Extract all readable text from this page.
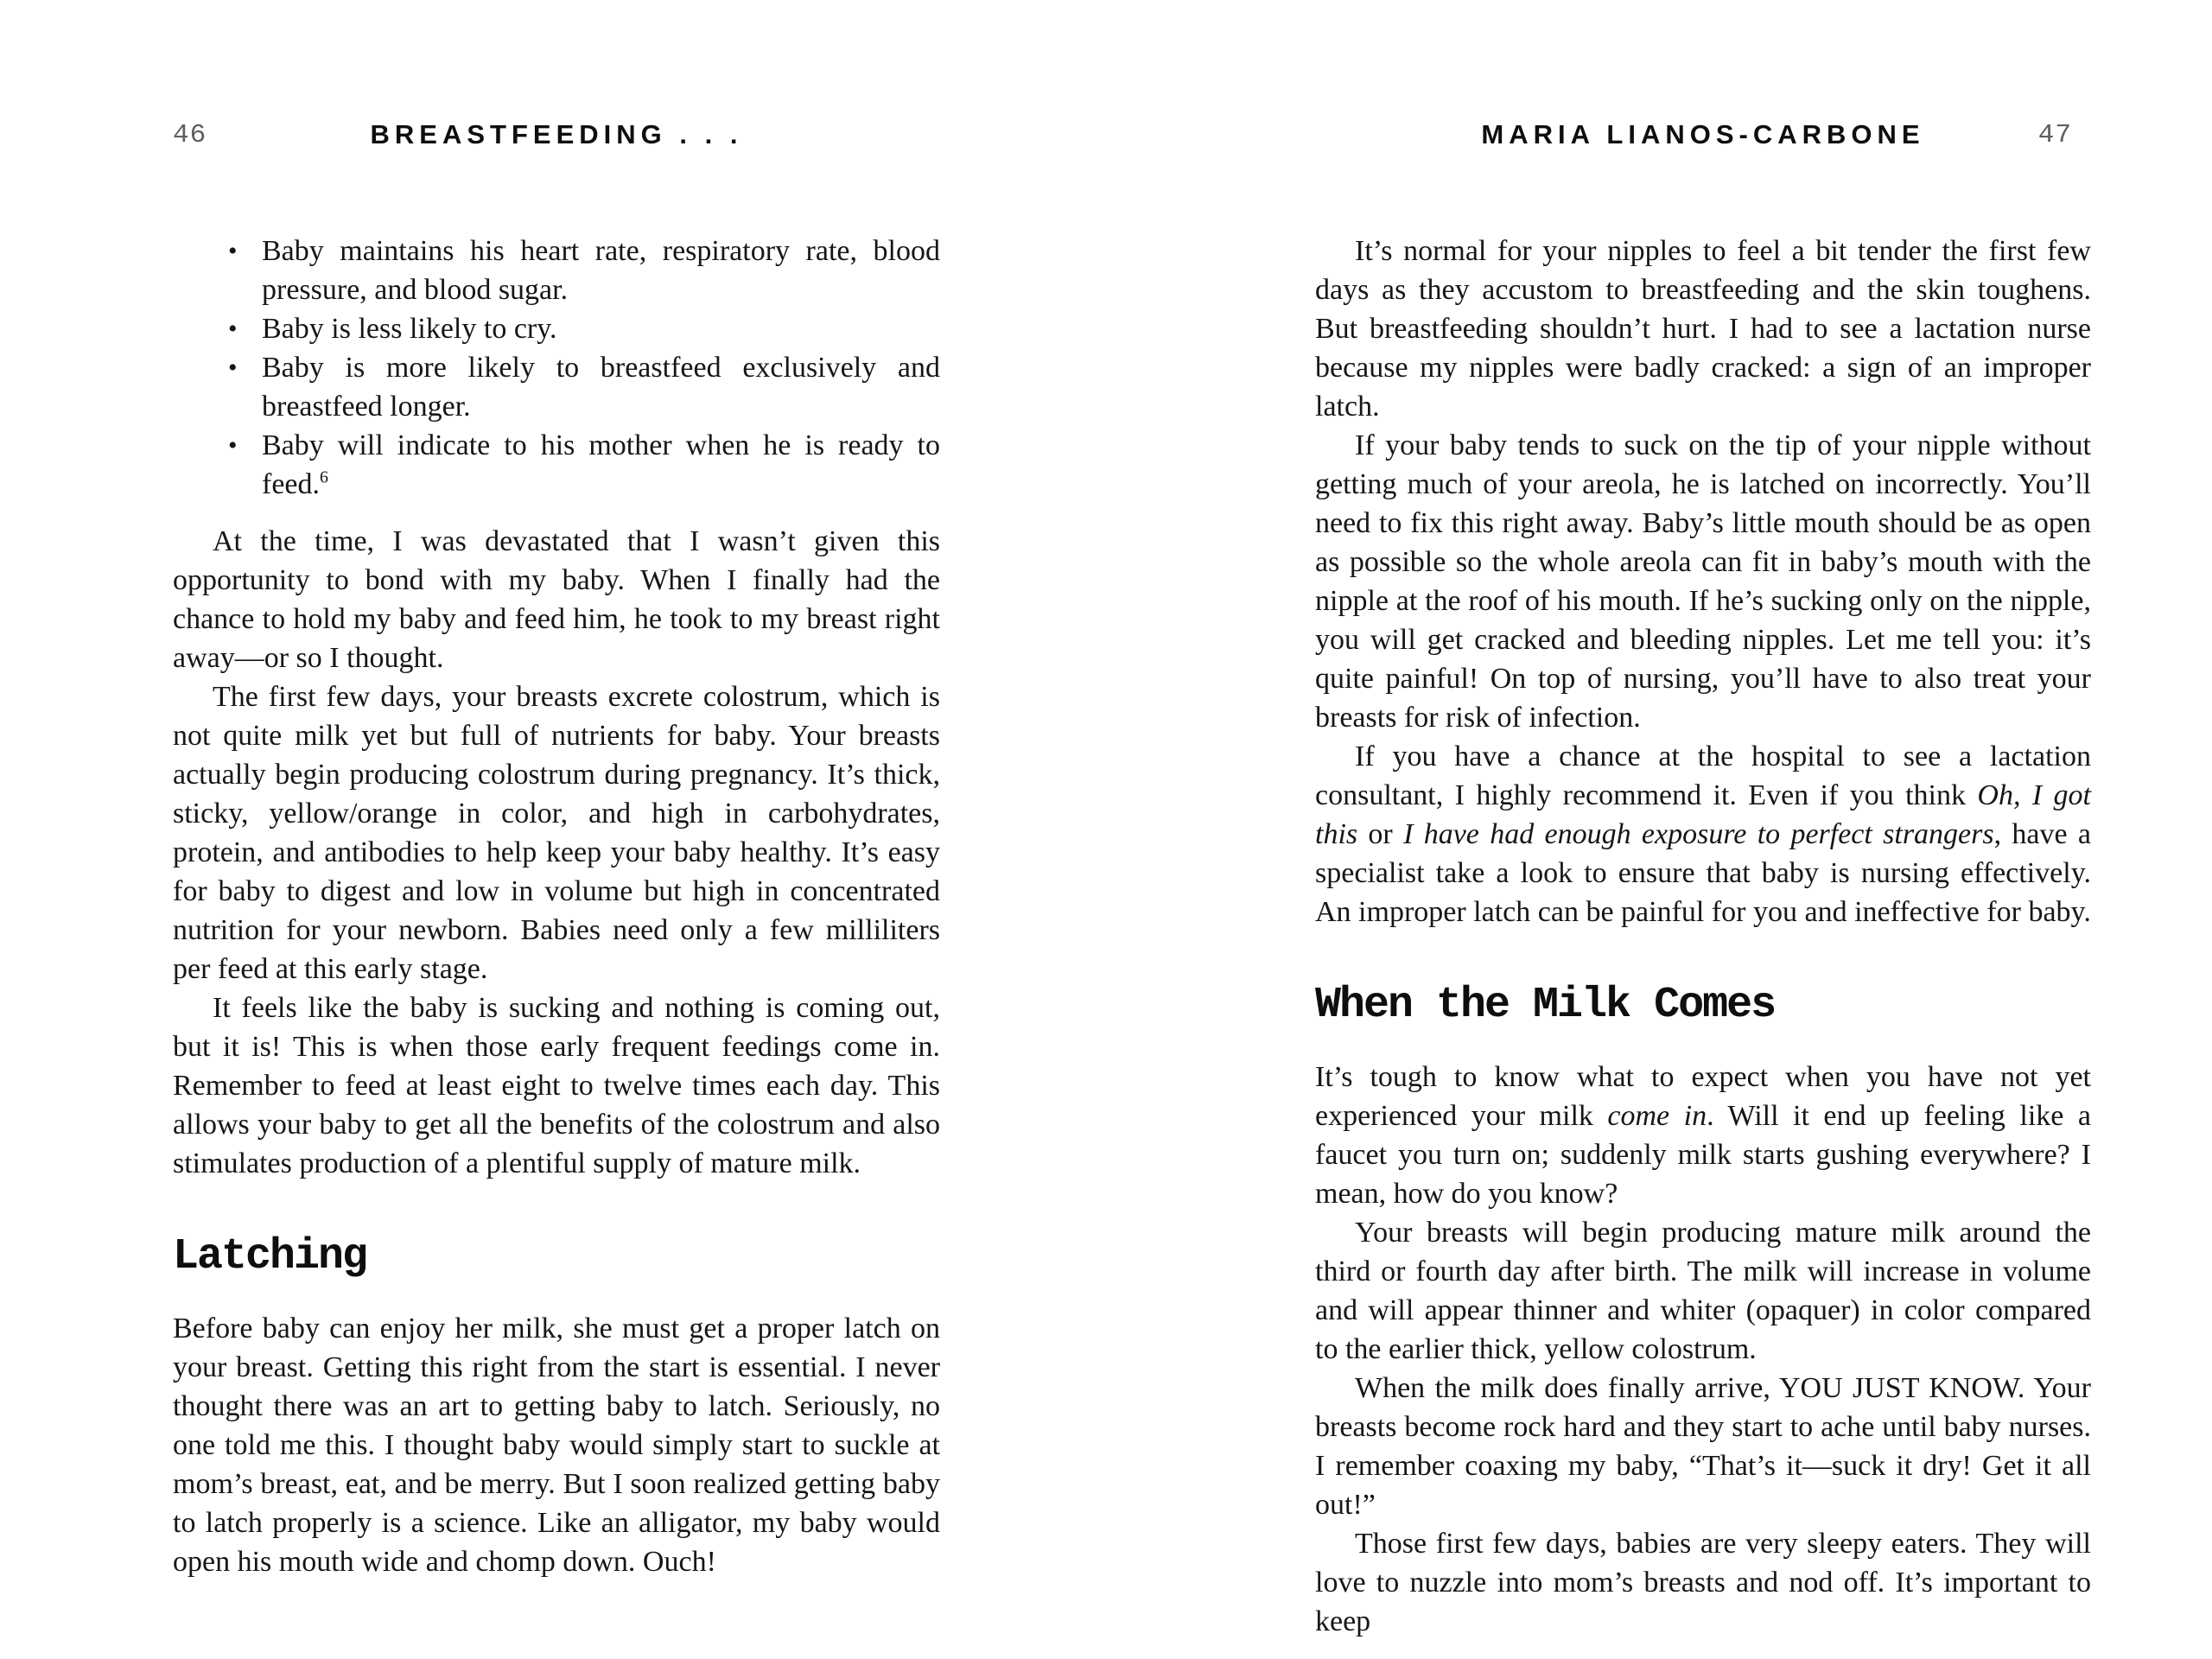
46	BREASTFEEDING . . .
• Baby maintains his heart rate, respiratory rate, blood pressure, and blood sugar.
• Baby is less likely to cry.
• Baby is more likely to breastfeed exclusively and breastfeed longer.
• Baby will indicate to his mother when he is ready to feed.$^6$

At the time, I was devastated that I wasn’t given this opportunity to bond with my baby. When I finally had the chance to hold my baby and feed him, he took to my breast right away—or so I thought.

The first few days, your breasts excrete colostrum, which is not quite milk yet but full of nutrients for baby. Your breasts actually begin producing colostrum during pregnancy. It’s thick, sticky, yellow/orange in color, and high in carbohydrates, protein, and antibodies to help keep your baby healthy. It’s easy for baby to digest and low in volume but high in concentrated nutrition for your newborn. Babies need only a few milliliters per feed at this early stage.

It feels like the baby is sucking and nothing is coming out, but it is! This is when those early frequent feedings come in. Remember to feed at least eight to twelve times each day. This allows your baby to get all the benefits of the colostrum and also stimulates production of a plentiful supply of mature milk.

Latching

Before baby can enjoy her milk, she must get a proper latch on your breast. Getting this right from the start is essential. I never thought there was an art to getting baby to latch. Seriously, no one told me this. I thought baby would simply start to suckle at mom’s breast, eat, and be merry. But I soon realized getting baby to latch properly is a science. Like an alligator, my baby would open his mouth wide and chomp down. Ouch!

MARIA LIANOS-CARBONE	47

It’s normal for your nipples to feel a bit tender the first few days as they accustom to breastfeeding and the skin toughens. But breastfeeding shouldn’t hurt. I had to see a lactation nurse because my nipples were badly cracked: a sign of an improper latch.

If your baby tends to suck on the tip of your nipple without getting much of your areola, he is latched on incorrectly. You’ll need to fix this right away. Baby’s little mouth should be as open as possible so the whole areola can fit in baby’s mouth with the nipple at the roof of his mouth. If he’s sucking only on the nipple, you will get cracked and bleeding nipples. Let me tell you: it’s quite painful! On top of nursing, you’ll have to also treat your breasts for risk of infection.

If you have a chance at the hospital to see a lactation consultant, I highly recommend it. Even if you think Oh, I got this or I have had enough exposure to perfect strangers, have a specialist take a look to ensure that baby is nursing effectively. An improper latch can be painful for you and ineffective for baby.

When the Milk Comes

It’s tough to know what to expect when you have not yet experienced your milk come in. Will it end up feeling like a faucet you turn on; suddenly milk starts gushing everywhere? I mean, how do you know?

Your breasts will begin producing mature milk around the third or fourth day after birth. The milk will increase in volume and will appear thinner and whiter (opaquer) in color compared to the earlier thick, yellow colostrum.

When the milk does finally arrive, YOU JUST KNOW. Your breasts become rock hard and they start to ache until baby nurses. I remember coaxing my baby, “That’s it—suck it dry! Get it all out!”

Those first few days, babies are very sleepy eaters. They will love to nuzzle into mom’s breasts and nod off. It’s important to keep
